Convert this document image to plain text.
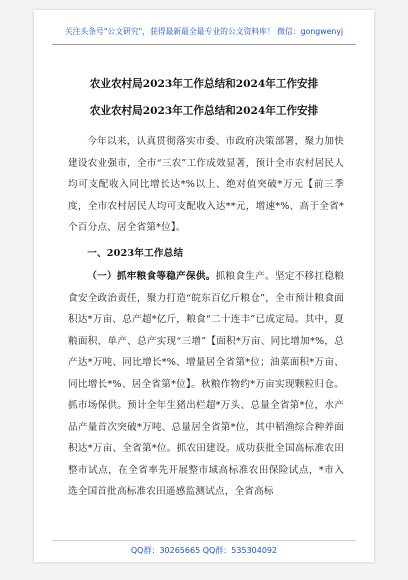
关注头条号"公文研究"，获得最新最全最专业的公文资料库！ 微信：gongwenyj
农业农村局2023年工作总结和2024年工作安排
农业农村局2023年工作总结和2024年工作安排

今年以来，认真贯彻落实市委、市政府决策部署，聚力加快建设农业强市，全市“三农”工作成效显著，预计全市农村居民人均可支配收入同比增长达*%以上、绝对值突破*万元【前三季度，全市农村居民人均可支配收入达**元，增速*%、高于全省*个百分点、居全省第*位】。

一、2023年工作总结

（一）抓牢粮食等稳产保供。抓粮食生产。坚定不移扛稳粮食安全政治责任，聚力打造“皖东百亿斤粮仓”，全市预计粮食面积达*万亩、总产超*亿斤，粮食“二十连丰”已成定局。其中，夏粮面积、单产、总产实现“三增”【面积*万亩、同比增加*%，总产达*万吨、同比增长*%、增量居全省第*位；油菜面积*万亩、同比增长*%、居全省第*位】。秋粮作物约*万亩实现颗粒归仓。抓市场保供。预计全年生猪出栏超*万头、总量全省第*位，水产品产量首次突破*万吨、总量居全省第*位，其中稻渔综合种养面积达*万亩、全省第*位。抓农田建设。成功获批全国高标准农田整市试点，在全省率先开展整市域高标准农田保险试点，*市入选全国首批高标准农田遥感监测试点，全省高标

QQ群：30265665 QQ群：535304092
